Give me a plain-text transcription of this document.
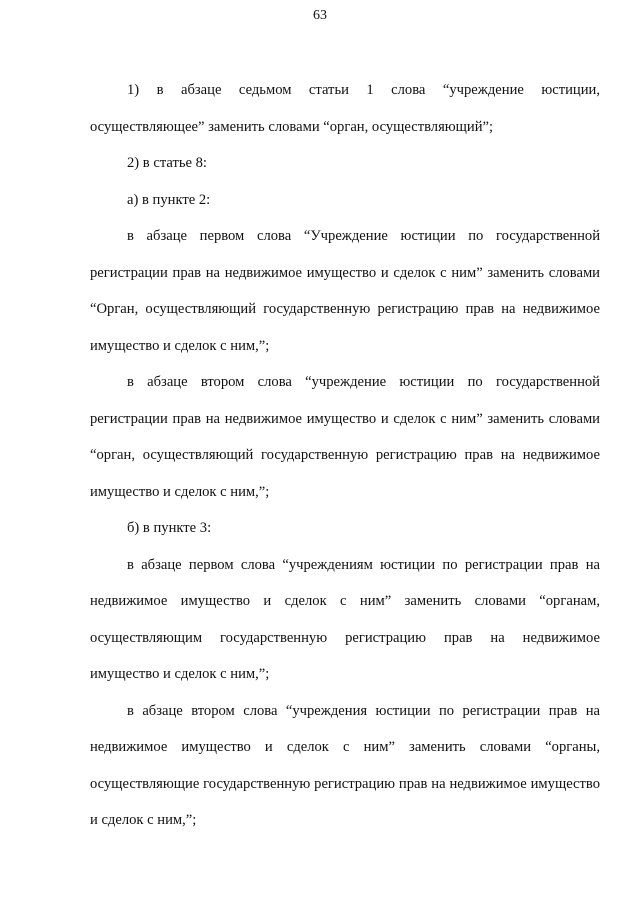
63

1) в абзаце седьмом статьи 1 слова “учреждение юстиции, осуществляющее” заменить словами “орган, осуществляющий”;

2) в статье 8:

а) в пункте 2:

в абзаце первом слова “Учреждение юстиции по государственной регистрации прав на недвижимое имущество и сделок с ним” заменить словами “Орган, осуществляющий государственную регистрацию прав на недвижимое имущество и сделок с ним,”;

в абзаце втором слова “учреждение юстиции по государственной регистрации прав на недвижимое имущество и сделок с ним” заменить словами “орган, осуществляющий государственную регистрацию прав на недвижимое имущество и сделок с ним,”;

б) в пункте 3:

в абзаце первом слова “учреждениям юстиции по регистрации прав на недвижимое имущество и сделок с ним” заменить словами “органам, осуществляющим государственную регистрацию прав на недвижимое имущество и сделок с ним,”;

в абзаце втором слова “учреждения юстиции по регистрации прав на недвижимое имущество и сделок с ним” заменить словами “органы, осуществляющие государственную регистрацию прав на недвижимое имущество и сделок с ним,”;
